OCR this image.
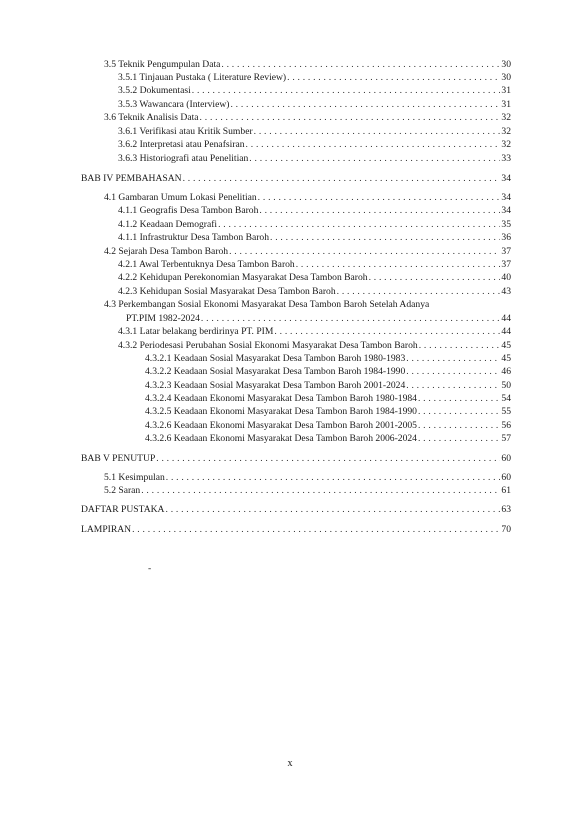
3.5 Teknik Pengumpulan Data . . .	30
3.5.1 Tinjauan Pustaka ( Literature Review) . . .	30
3.5.2 Dokumentasi . . .	31
3.5.3 Wawancara (Interview) . . .	31
3.6 Teknik Analisis Data . . .	32
3.6.1 Verifikasi atau Kritik Sumber . . .	32
3.6.2 Interpretasi atau Penafsiran . . .	32
3.6.3 Historiografi atau Penelitian . . .	33
BAB IV PEMBAHASAN . . .	34
4.1 Gambaran Umum Lokasi Penelitian . . .	34
4.1.1 Geografis Desa Tambon Baroh . . .	34
4.1.2 Keadaan Demografi . . .	35
4.1.1 Infrastruktur Desa Tambon Baroh . . .	36
4.2 Sejarah Desa Tambon Baroh . . .	37
4.2.1 Awal Terbentuknya Desa Tambon Baroh . . .	37
4.2.2 Kehidupan Perekonomian Masyarakat Desa Tambon Baroh . . .	40
4.2.3 Kehidupan Sosial Masyarakat Desa Tambon Baroh . . .	43
4.3 Perkembangan Sosial Ekonomi Masyarakat Desa Tambon Baroh Setelah Adanya
PT.PIM 1982-2024 . . .	44
4.3.1 Latar belakang berdirinya PT. PIM . . .	44
4.3.2 Periodesasi Perubahan Sosial Ekonomi Masyarakat Desa Tambon Baroh . . .	45
4.3.2.1 Keadaan Sosial Masyarakat Desa Tambon Baroh 1980-1983 . . .	45
4.3.2.2 Keadaan Sosial Masyarakat Desa Tambon Baroh 1984-1990 . . .	46
4.3.2.3 Keadaan Sosial Masyarakat Desa Tambon Baroh 2001-2024 . . .	50
4.3.2.4 Keadaan Ekonomi Masyarakat Desa Tambon Baroh 1980-1984 . . .	54
4.3.2.5 Keadaan Ekonomi Masyarakat Desa Tambon Baroh 1984-1990 . . .	55
4.3.2.6 Keadaan Ekonomi Masyarakat Desa Tambon Baroh 2001-2005 . . .	56
4.3.2.6 Keadaan Ekonomi Masyarakat Desa Tambon Baroh 2006-2024 . . .	57
BAB V PENUTUP . . .	60
5.1 Kesimpulan . . .	60
5.2 Saran . . .	61
DAFTAR PUSTAKA . . .	63
LAMPIRAN . . .	70
-
x
